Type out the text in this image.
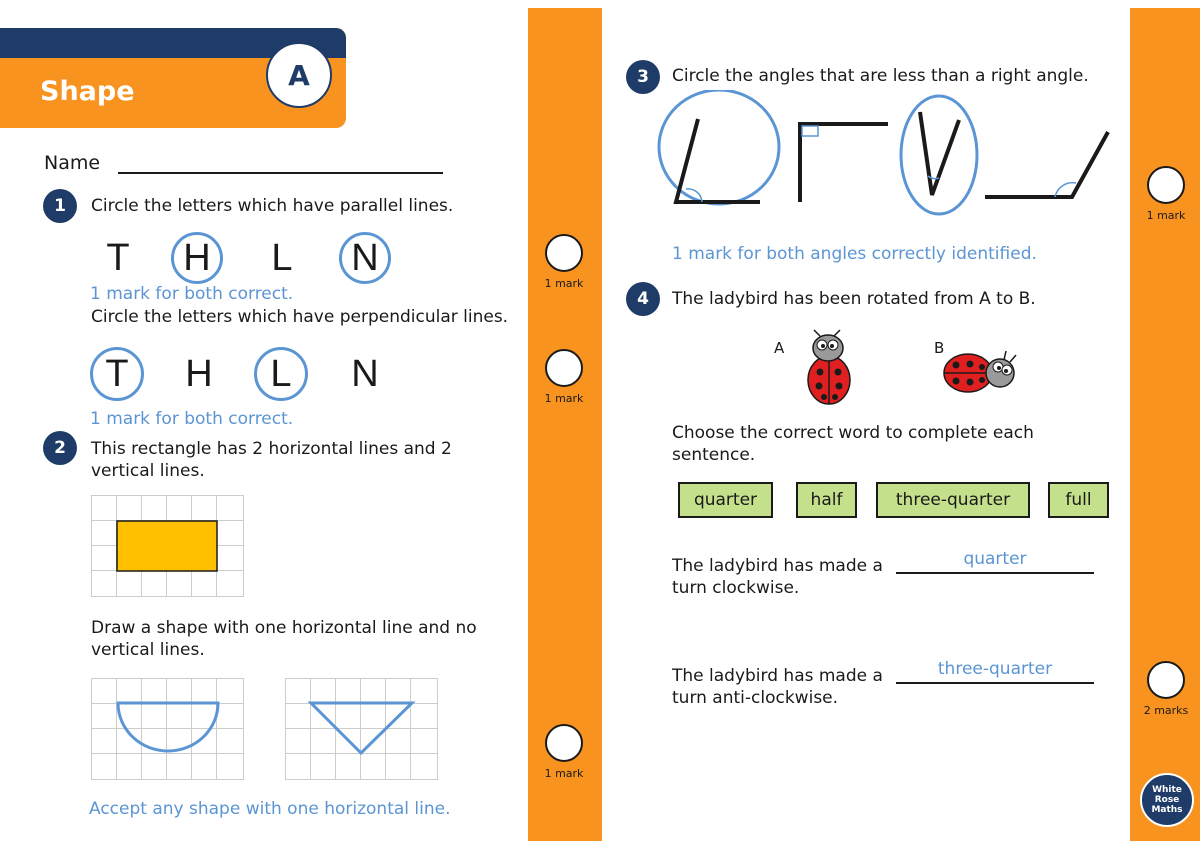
Shape	A
Name
1	Circle the letters which have parallel lines.
T	H	L	N
1 mark for both correct.
Circle the letters which have perpendicular lines.
T	H	L	N
1 mark for both correct.
2	This rectangle has 2 horizontal lines and 2
vertical lines.
Draw a shape with one horizontal line and no
vertical lines.
Accept any shape with one horizontal line.
1 mark
1 mark
1 mark
3	Circle the angles that are less than a right angle.
1 mark for both angles correctly identified.
4	The ladybird has been rotated from A to B.
A	B
Choose the correct word to complete each
sentence.
quarter	half	three-quarter	full
The ladybird has made a	quarter
turn clockwise.
The ladybird has made a	three-quarter
turn anti-clockwise.
1 mark
2 marks
White
Rose
Maths
